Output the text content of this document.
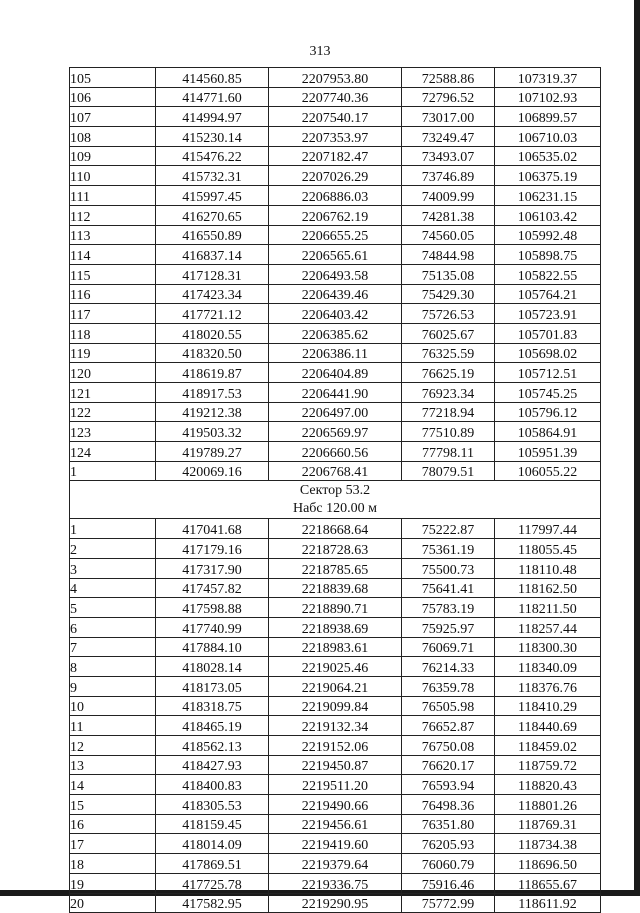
313
105	414560.85	2207953.80	72588.86	107319.37
106	414771.60	2207740.36	72796.52	107102.93
107	414994.97	2207540.17	73017.00	106899.57
108	415230.14	2207353.97	73249.47	106710.03
109	415476.22	2207182.47	73493.07	106535.02
110	415732.31	2207026.29	73746.89	106375.19
111	415997.45	2206886.03	74009.99	106231.15
112	416270.65	2206762.19	74281.38	106103.42
113	416550.89	2206655.25	74560.05	105992.48
114	416837.14	2206565.61	74844.98	105898.75
115	417128.31	2206493.58	75135.08	105822.55
116	417423.34	2206439.46	75429.30	105764.21
117	417721.12	2206403.42	75726.53	105723.91
118	418020.55	2206385.62	76025.67	105701.83
119	418320.50	2206386.11	76325.59	105698.02
120	418619.87	2206404.89	76625.19	105712.51
121	418917.53	2206441.90	76923.34	105745.25
122	419212.38	2206497.00	77218.94	105796.12
123	419503.32	2206569.97	77510.89	105864.91
124	419789.27	2206660.56	77798.11	105951.39
1	420069.16	2206768.41	78079.51	106055.22

Сектор 53.2
Набс 120.00 м				

1	417041.68	2218668.64	75222.87	117997.44
2	417179.16	2218728.63	75361.19	118055.45
3	417317.90	2218785.65	75500.73	118110.48
4	417457.82	2218839.68	75641.41	118162.50
5	417598.88	2218890.71	75783.19	118211.50
6	417740.99	2218938.69	75925.97	118257.44
7	417884.10	2218983.61	76069.71	118300.30
8	418028.14	2219025.46	76214.33	118340.09
9	418173.05	2219064.21	76359.78	118376.76
10	418318.75	2219099.84	76505.98	118410.29
11	418465.19	2219132.34	76652.87	118440.69
12	418562.13	2219152.06	76750.08	118459.02
13	418427.93	2219450.87	76620.17	118759.72
14	418400.83	2219511.20	76593.94	118820.43
15	418305.53	2219490.66	76498.36	118801.26
16	418159.45	2219456.61	76351.80	118769.31
17	418014.09	2219419.60	76205.93	118734.38
18	417869.51	2219379.64	76060.79	118696.50
19	417725.78	2219336.75	75916.46	118655.67
20	417582.95	2219290.95	75772.99	118611.92
